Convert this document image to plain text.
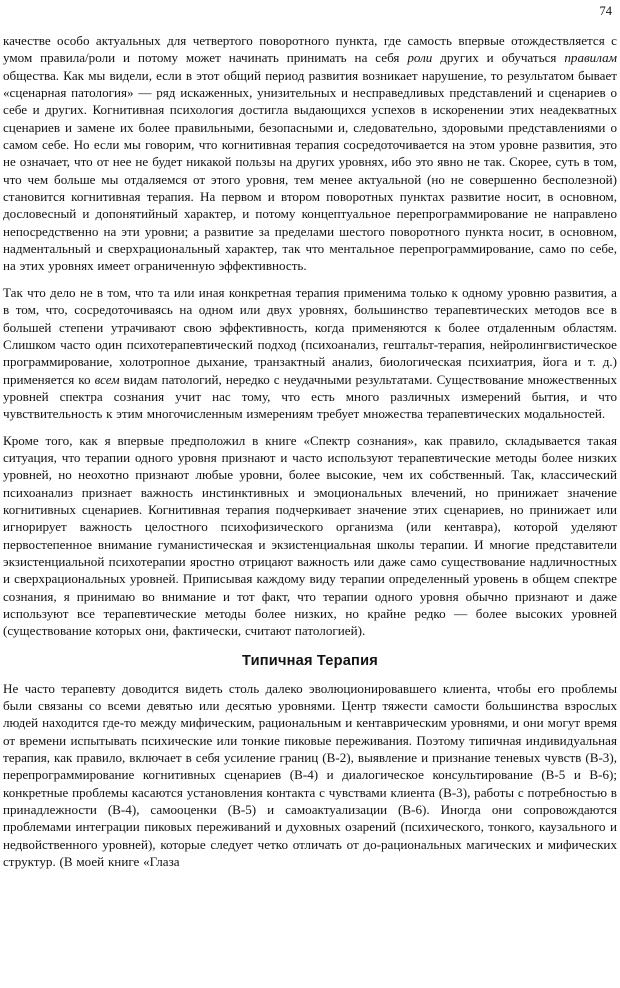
74

качестве особо актуальных для четвертого поворотного пункта, где самость впервые отождествляется с умом правила/роли и потому может начинать принимать на себя роли других и обучаться правилам общества. Как мы видели, если в этот общий период развития возникает нарушение, то результатом бывает «сценарная патология» — ряд искаженных, унизительных и несправедливых представлений и сценариев о себе и других. Когнитивная психология достигла выдающихся успехов в искоренении этих неадекватных сценариев и замене их более правильными, безопасными и, следовательно, здоровыми представлениями о самом себе. Но если мы говорим, что когнитивная терапия сосредоточивается на этом уровне развития, это не означает, что от нее не будет никакой пользы на других уровнях, ибо это явно не так. Скорее, суть в том, что чем больше мы отдаляемся от этого уровня, тем менее актуальной (но не совершенно бесполезной) становится когнитивная терапия. На первом и втором поворотных пунктах развитие носит, в основном, дословесный и допонятийный характер, и потому концептуальное перепрограммирование не направлено непосредственно на эти уровни; а развитие за пределами шестого поворотного пункта носит, в основном, надментальный и сверхрациональный характер, так что ментальное перепрограммирование, само по себе, на этих уровнях имеет ограниченную эффективность.

Так что дело не в том, что та или иная конкретная терапия применима только к одному уровню развития, а в том, что, сосредоточиваясь на одном или двух уровнях, большинство терапевтических методов все в большей степени утрачивают свою эффективность, когда применяются к более отдаленным областям. Слишком часто один психотерапевтический подход (психоанализ, гештальт-терапия, нейролингвистическое программирование, холотропное дыхание, транзактный анализ, биологическая психиатрия, йога и т. д.) применяется ко всем видам патологий, нередко с неудачными результатами. Существование множественных уровней спектра сознания учит нас тому, что есть много различных измерений бытия, и что чувствительность к этим многочисленным измерениям требует множества терапевтических модальностей.

Кроме того, как я впервые предположил в книге «Спектр сознания», как правило, складывается такая ситуация, что терапии одного уровня признают и часто используют терапевтические методы более низких уровней, но неохотно признают любые уровни, более высокие, чем их собственный. Так, классический психоанализ признает важность инстинктивных и эмоциональных влечений, но принижает значение когнитивных сценариев. Когнитивная терапия подчеркивает значение этих сценариев, но принижает или игнорирует важность целостного психофизического организма (или кентавра), которой уделяют первостепенное внимание гуманистическая и экзистенциальная школы терапии. И многие представители экзистенциальной психотерапии яростно отрицают важность или даже само существование надличностных и сверхрациональных уровней. Приписывая каждому виду терапии определенный уровень в общем спектре сознания, я принимаю во внимание и тот факт, что терапии одного уровня обычно признают и даже используют все терапевтические методы более низких, но крайне редко — более высоких уровней (существование которых они, фактически, считают патологией).

Типичная Терапия

Не часто терапевту доводится видеть столь далеко эволюционировавшего клиента, чтобы его проблемы были связаны со всеми девятью или десятью уровнями. Центр тяжести самости большинства взрослых людей находится где-то между мифическим, рациональным и кентаврическим уровнями, и они могут время от времени испытывать психические или тонкие пиковые переживания. Поэтому типичная индивидуальная терапия, как правило, включает в себя усиление границ (В-2), выявление и признание теневых чувств (В-3), перепрограммирование когнитивных сценариев (В-4) и диалогическое консультирование (В-5 и В-6); конкретные проблемы касаются установления контакта с чувствами клиента (В-3), работы с потребностью в принадлежности (В-4), самооценки (В-5) и самоактуализации (В-6). Иногда они сопровождаются проблемами интеграции пиковых переживаний и духовных озарений (психического, тонкого, каузального и недвойственного уровней), которые следует четко отличать от до-рациональных магических и мифических структур. (В моей книге «Глаза
